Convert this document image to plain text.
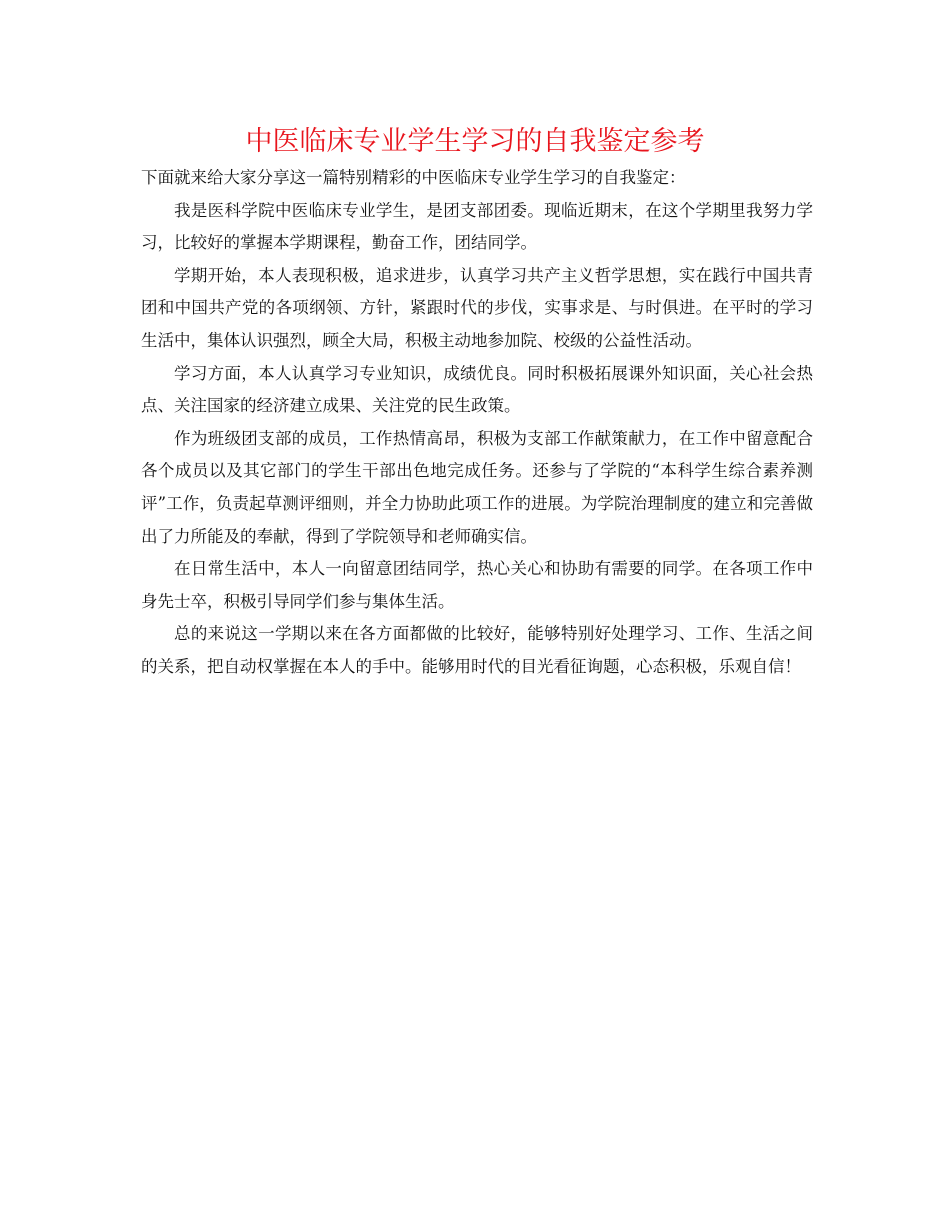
中医临床专业学生学习的自我鉴定参考

下面就来给大家分享这一篇特别精彩的中医临床专业学生学习的自我鉴定：

我是医科学院中医临床专业学生，是团支部团委。现临近期末，在这个学期里我努力学习，比较好的掌握本学期课程，勤奋工作，团结同学。

学期开始，本人表现积极，追求进步，认真学习共产主义哲学思想，实在践行中国共青团和中国共产党的各项纲领、方针，紧跟时代的步伐，实事求是、与时俱进。在平时的学习生活中，集体认识强烈，顾全大局，积极主动地参加院、校级的公益性活动。

学习方面，本人认真学习专业知识，成绩优良。同时积极拓展课外知识面，关心社会热点、关注国家的经济建立成果、关注党的民生政策。

作为班级团支部的成员，工作热情高昂，积极为支部工作献策献力，在工作中留意配合各个成员以及其它部门的学生干部出色地完成任务。还参与了学院的“本科学生综合素养测评”工作，负责起草测评细则，并全力协助此项工作的进展。为学院治理制度的建立和完善做出了力所能及的奉献，得到了学院领导和老师确实信。

在日常生活中，本人一向留意团结同学，热心关心和协助有需要的同学。在各项工作中身先士卒，积极引导同学们参与集体生活。

总的来说这一学期以来在各方面都做的比较好，能够特别好处理学习、工作、生活之间的关系，把自动权掌握在本人的手中。能够用时代的目光看征询题，心态积极，乐观自信！
